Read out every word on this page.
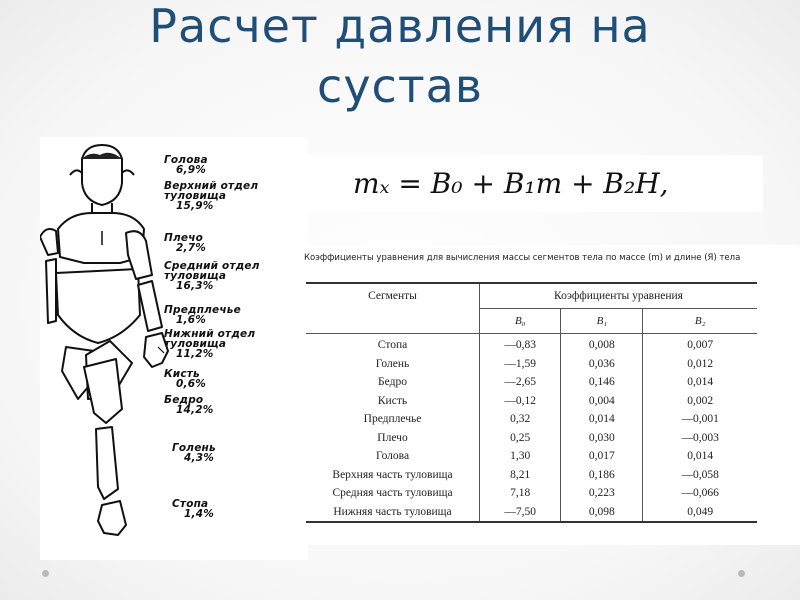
Расчет давления на
сустав
Голова
6,9%
Верхний отдел
туловища
15,9%
Плечо
2,7%
Средний отдел
туловища
16,3%
Предплечье
1,6%
Нижний отдел
туловища
11,2%
Кисть
0,6%
Бедро
14,2%
Голень
4,3%
Стопа
1,4%
mₓ = B₀ + B₁m + B₂H,
Коэффициенты уравнения для вычисления массы сегментов тела по массе (m) и длине (Я) тела
Сегменты	Коэффициенты уравнения		
	B₀	B₁	B₂
Стопа	—0,83	0,008	0,007
Голень	—1,59	0,036	0,012
Бедро	—2,65	0,146	0,014
Кисть	—0,12	0,004	0,002
Предплечье	0,32	0,014	—0,001
Плечо	0,25	0,030	—0,003
Голова	1,30	0,017	0,014
Верхняя часть туловища	8,21	0,186	—0,058
Средняя часть туловища	7,18	0,223	—0,066
Нижняя часть туловища	—7,50	0,098	0,049
